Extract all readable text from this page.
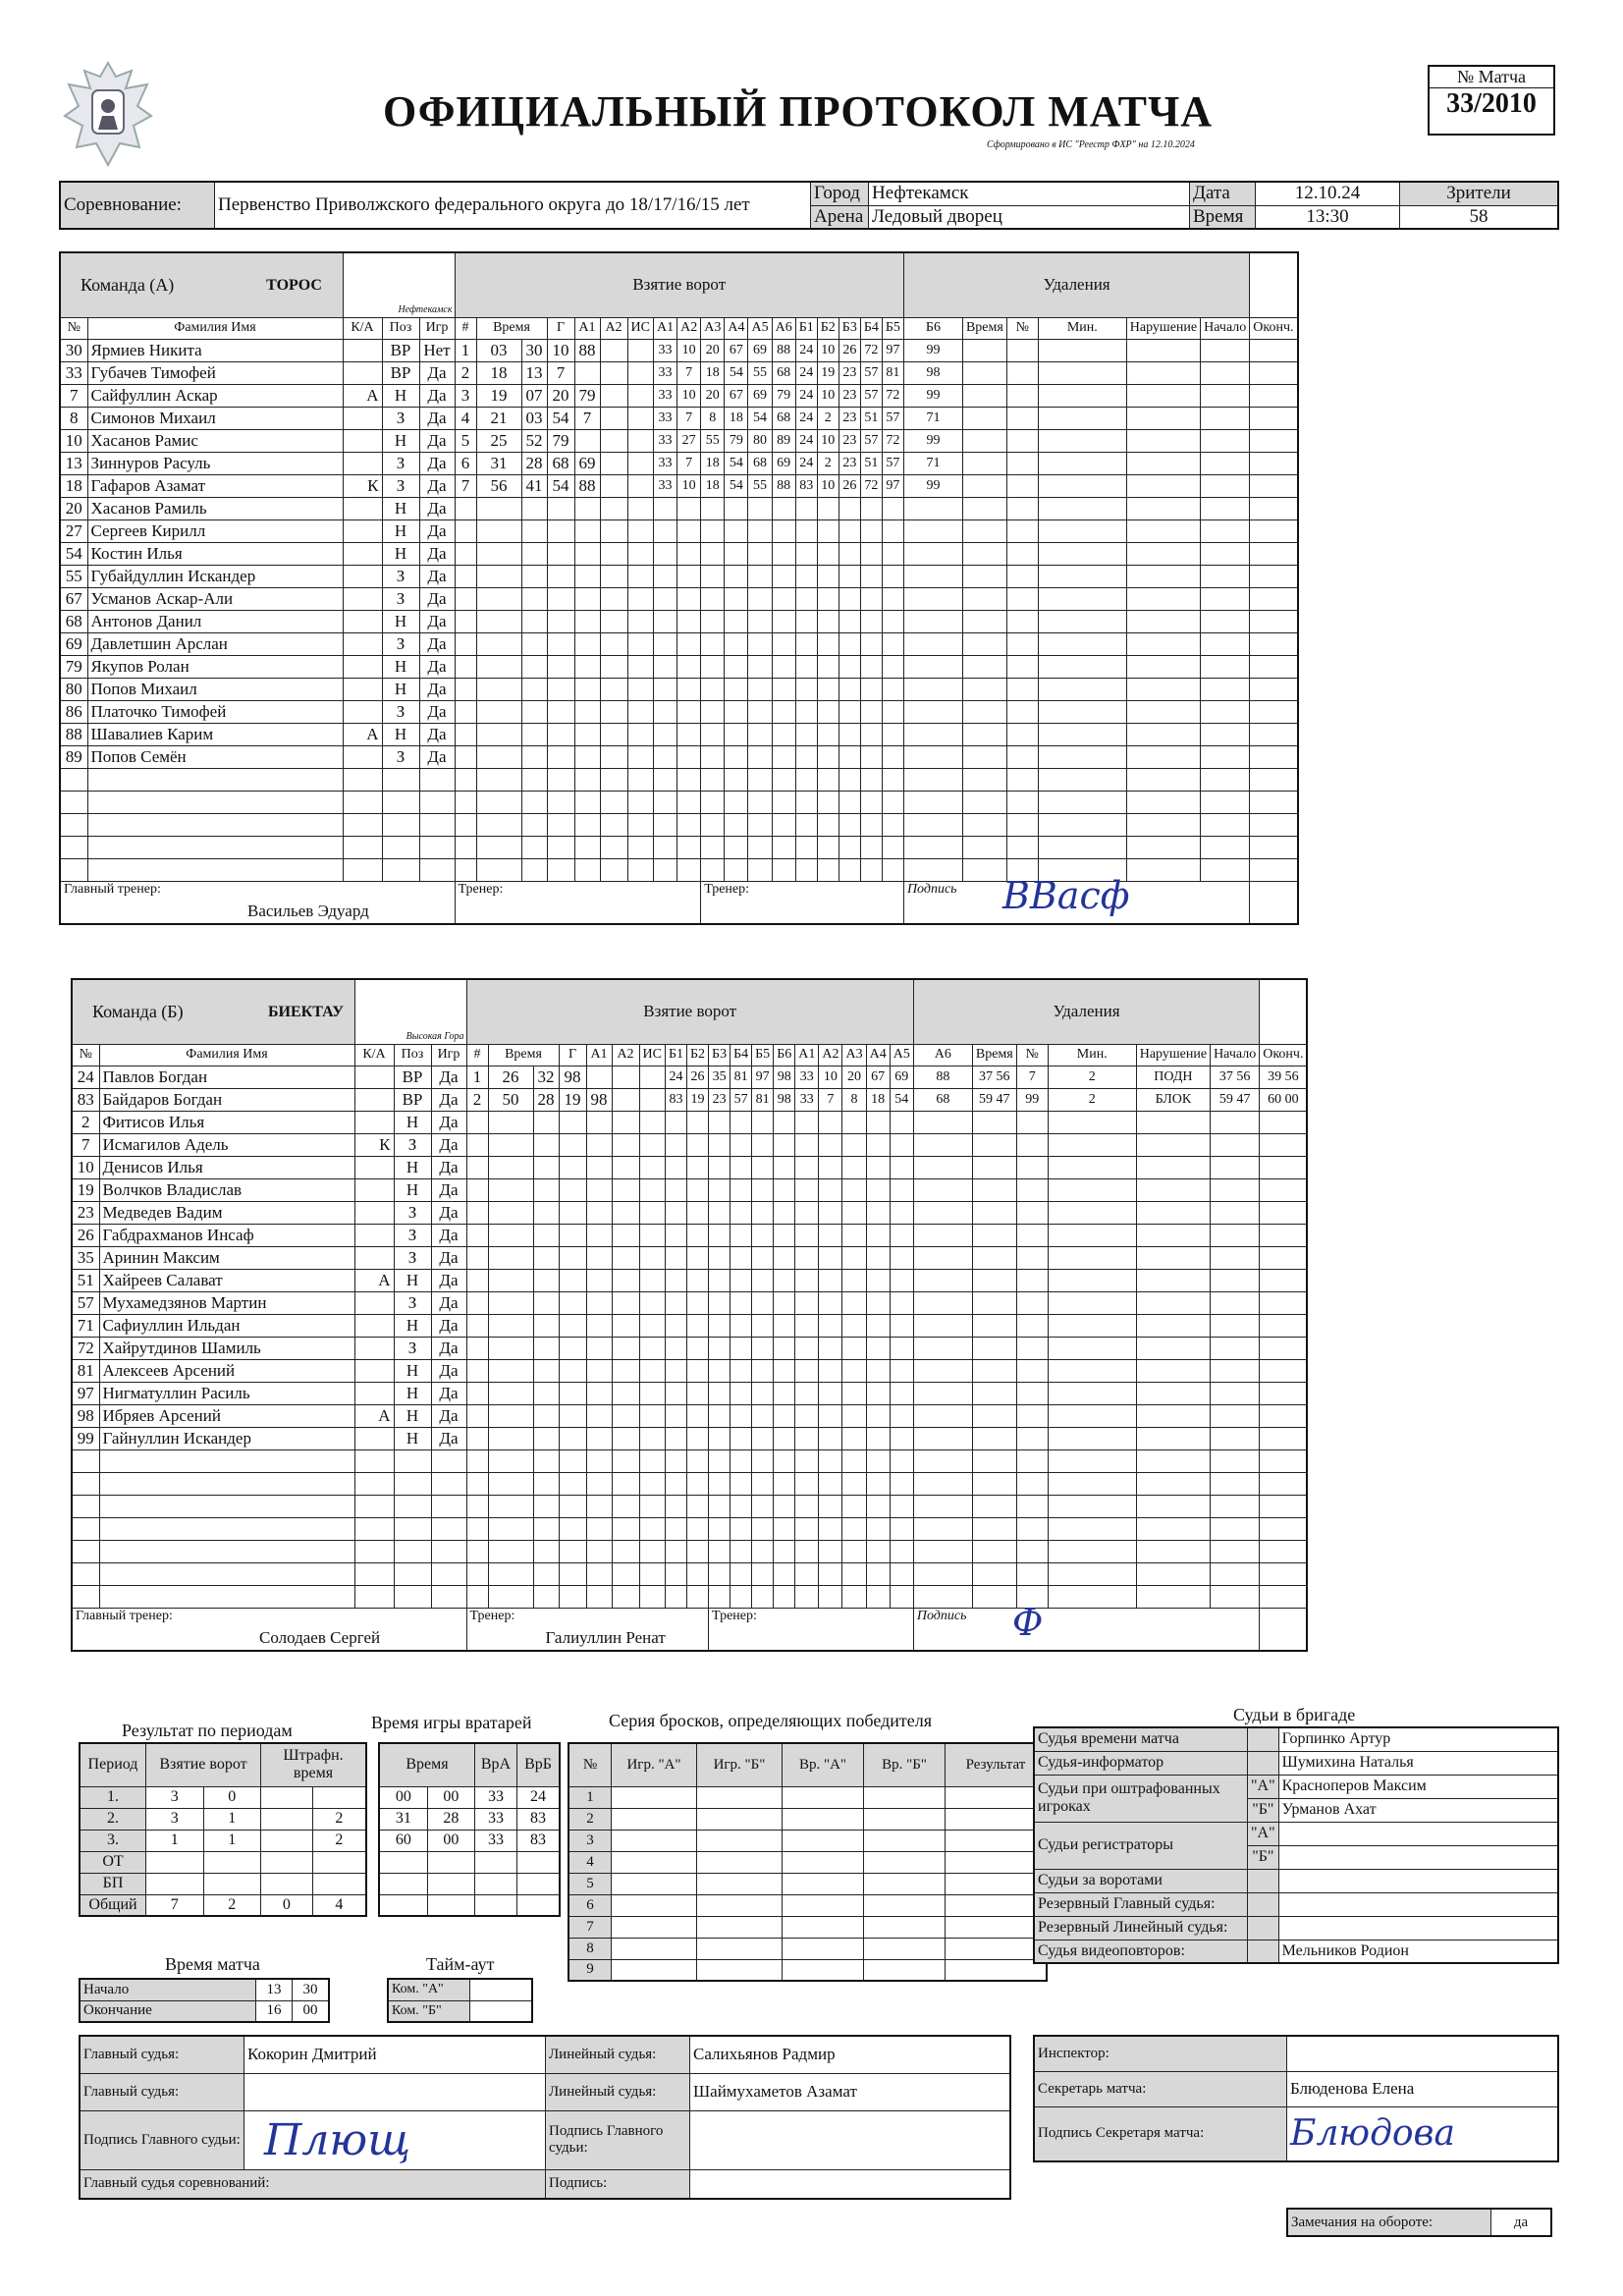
ОФИЦИАЛЬНЫЙ ПРОТОКОЛ МАТЧА
Сформировано в ИС "Реестр ФХР" на 12.10.2024
№ Матча
33/2010
Соревнование:	Первенство Приволжского федерального округа до 18/17/16/15 лет	Город	Нефтекамск	Дата	12.10.24	Зрители
		Арена	Ледовый дворец	Время	13:30	58
Команда (А)		ТОРОС
Нефтекамск			Взятие ворот																		Удаления						
№	Фамилия Имя	К/А	Поз	Игр	#	Время		Г	А1	А2	ИС	А1	А2	А3	А4	А5	А6	Б1	Б2	Б3	Б4	Б5	Б6	Время	№	Мин.	Нарушение	Начало	Оконч.
30	Ярмиев Никита		ВР	Нет	1	03	30	10	88			33	10	20	67	69	88	24	10	26	72	97	99						
33	Губачев Тимофей		ВР	Да	2	18	13	7				33	7	18	54	55	68	24	19	23	57	81	98						
7	Сайфуллин Аскар	А	Н	Да	3	19	07	20	79			33	10	20	67	69	79	24	10	23	57	72	99						
8	Симонов Михаил		З	Да	4	21	03	54	7			33	7	8	18	54	68	24	2	23	51	57	71						
10	Хасанов Рамис		Н	Да	5	25	52	79				33	27	55	79	80	89	24	10	23	57	72	99						
13	Зиннуров Расуль		З	Да	6	31	28	68	69			33	7	18	54	68	69	24	2	23	51	57	71						
18	Гафаров Азамат	К	З	Да	7	56	41	54	88			33	10	18	54	55	88	83	10	26	72	97	99						
20	Хасанов Рамиль		Н	Да																									
27	Сергеев Кирилл		Н	Да																									
54	Костин Илья		Н	Да																									
55	Губайдуллин Искандер		З	Да																									
67	Усманов Аскар-Али		З	Да																									
68	Антонов Данил		Н	Да																									
69	Давлетшин Арслан		З	Да																									
79	Якупов Ролан		Н	Да																									
80	Попов Михаил		Н	Да																									
86	Платочко Тимофей		З	Да																									
88	Шавалиев Карим	А	Н	Да																									
89	Попов Семён		З	Да																									

Главный тренер:
Васильев Эдуард					Тренер:									Тренер:									Подпись ВВасф						
Команда (Б)		БИЕКТАУ
Высокая Гора			Взятие ворот																		Удаления						
№	Фамилия Имя	К/А	Поз	Игр	#	Время		Г	А1	А2	ИС	Б1	Б2	Б3	Б4	Б5	Б6	А1	А2	А3	А4	А5	А6	Время	№	Мин.	Нарушение	Начало	Оконч.
24	Павлов Богдан		ВР	Да	1	26	32	98				24	26	35	81	97	98	33	10	20	67	69	88	37 56	7	2	ПОДН	37 56	39 56
83	Байдаров Богдан		ВР	Да	2	50	28	19	98			83	19	23	57	81	98	33	7	8	18	54	68	59 47	99	2	БЛОК	59 47	60 00
2	Фитисов Илья		Н	Да																									
7	Исмагилов Адель	К	З	Да																									
10	Денисов Илья		Н	Да																									
19	Волчков Владислав		Н	Да																									
23	Медведев Вадим		З	Да																									
26	Габдрахманов Инсаф		З	Да																									
35	Аринин Максим		З	Да																									
51	Хайреев Салават	А	Н	Да																									
57	Мухамедзянов Мартин		З	Да																									
71	Сафиуллин Ильдан		Н	Да																									
72	Хайрутдинов Шамиль		З	Да																									
81	Алексеев Арсений		Н	Да																									
97	Нигматуллин Расиль		Н	Да																									
98	Ибряев Арсений	А	Н	Да																									
99	Гайнуллин Искандер		Н	Да																									

Главный тренер:
Солодаев Сергей					Тренер:
Галиуллин Ренат									Тренер:									Подпись Ф						
Результат по периодам
Период	Взятие ворот		Штрафн. время	
1.	3	0		
2.	3	1		2
3.	1	1		2
ОТ				
БП				
Общий	7	2	0	4
Время игры вратарей
Время		ВрА	ВрБ
00	00	33	24
31	28	33	83
60	00	33	83

Серия бросков, определяющих победителя
№	Игр. "А"	Игр. "Б"	Вр. "А"	Вр. "Б"	Результат
1					
2					
3					
4					
5					
6					
7					
8					
9					
Время матча
Начало	13	30
Окончание	16	00
Тайм-аут
Ком. "А"	
Ком. "Б"	
Судьи в бригаде
Судья времени матча		Горпинко Артур
Судья-информатор		Шумихина Наталья
Судьи при оштрафованных игроках	"А"	Красноперов Максим
	"Б"	Урманов Ахат
Судьи регистраторы	"А"	
	"Б"	
Судьи за воротами		
Резервный Главный судья:		
Резервный Линейный судья:		
Судья видеоповторов:		Мельников Родион
Главный судья:	Кокорин Дмитрий	Линейный судья:	Салихьянов Радмир
Главный судья:		Линейный судья:	Шаймухаметов Азамат
Подпись Главного судьи:	Плющ	Подпись Главного судьи:	
Главный судья соревнований:		Подпись:	
Инспектор:	
Секретарь матча:	Блюденова Елена
Подпись Секретаря матча:	Блюдова
Замечания на обороте:	да
